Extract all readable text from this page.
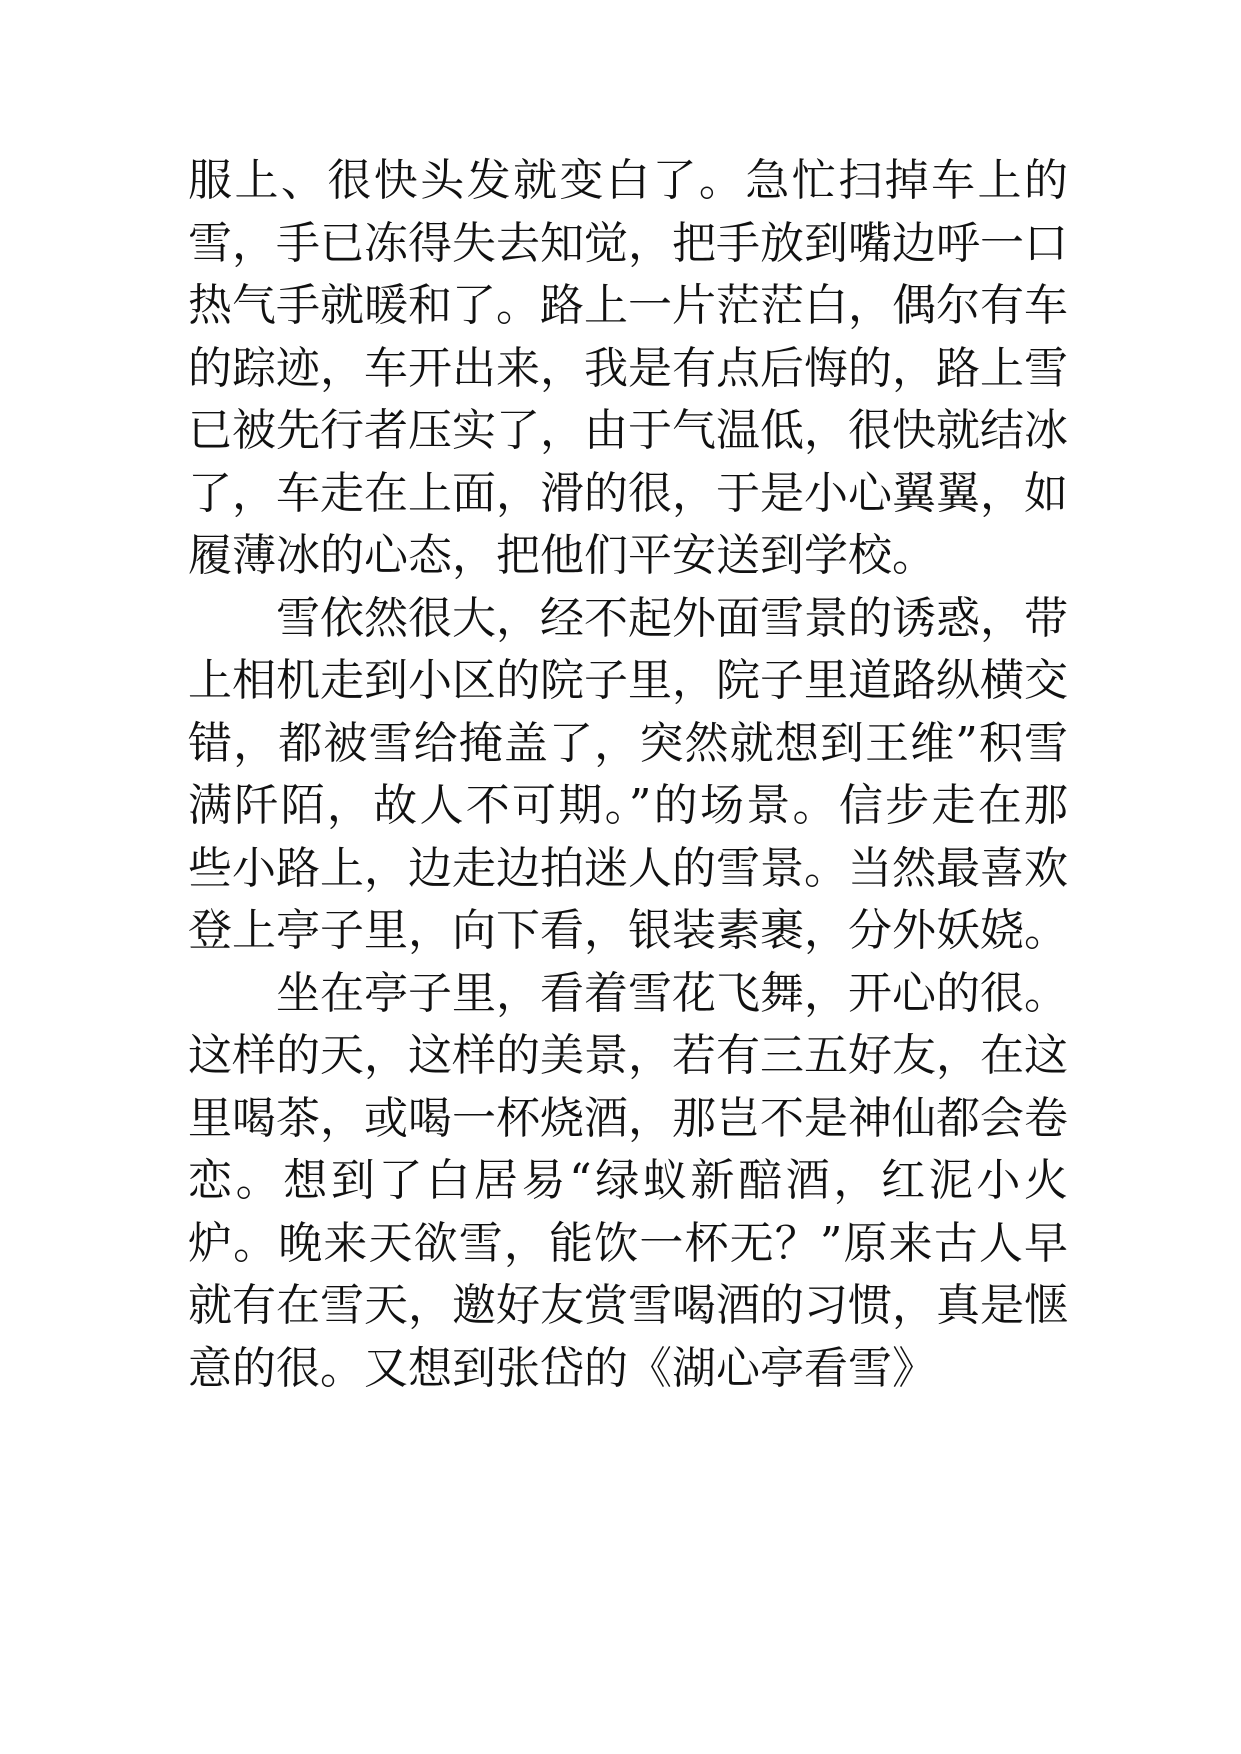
服上、很快头发就变白了。急忙扫掉车上的雪，手已冻得失去知觉，把手放到嘴边呼一口热气手就暖和了。路上一片茫茫白，偶尔有车的踪迹，车开出来，我是有点后悔的，路上雪已被先行者压实了，由于气温低，很快就结冰了，车走在上面，滑的很，于是小心翼翼，如履薄冰的心态，把他们平安送到学校。

雪依然很大，经不起外面雪景的诱惑，带上相机走到小区的院子里，院子里道路纵横交错，都被雪给掩盖了，突然就想到王维”积雪满阡陌，故人不可期。”的场景。信步走在那些小路上，边走边拍迷人的雪景。当然最喜欢登上亭子里，向下看，银装素裹，分外妖娆。

坐在亭子里，看着雪花飞舞，开心的很。这样的天，这样的美景，若有三五好友，在这里喝茶，或喝一杯烧酒，那岂不是神仙都会卷恋。想到了白居易“绿蚁新醅酒，红泥小火炉。晚来天欲雪，能饮一杯无？”原来古人早就有在雪天，邀好友赏雪喝酒的习惯，真是惬意的很。又想到张岱的《湖心亭看雪》
